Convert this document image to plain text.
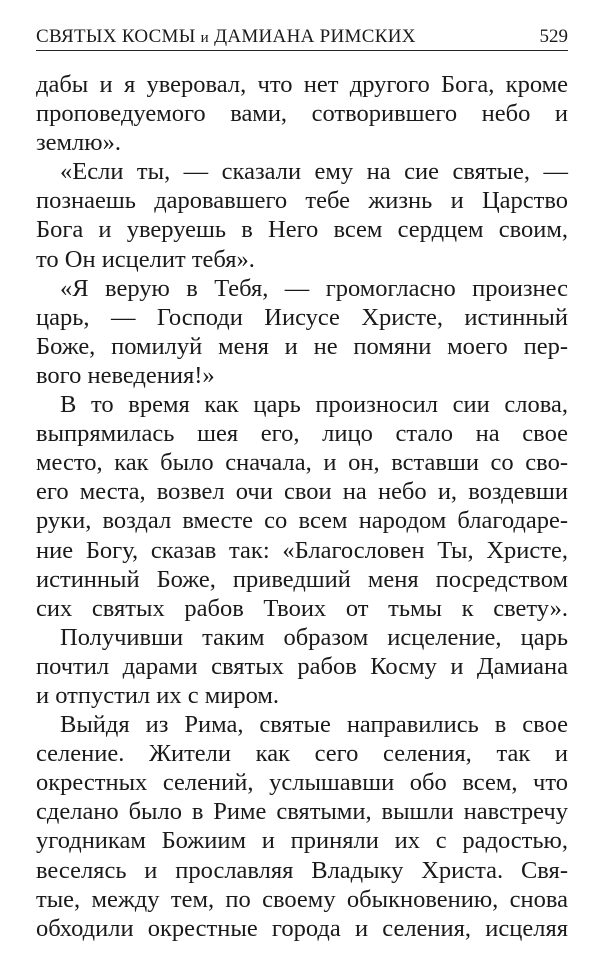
СВЯТЫХ КОСМЫ и ДАМИАНА РИМСКИХ	529
дабы и я уверовал, что нет другого Бога, кроме
проповедуемого вами, сотворившего небо и
землю».
«Если ты, — сказали ему на сие святые, —
познаешь даровавшего тебе жизнь и Царство
Бога и уверуешь в Него всем сердцем своим,
то Он исцелит тебя».
«Я верую в Тебя, — громогласно произнес
царь, — Господи Иисусе Христе, истинный
Боже, помилуй меня и не помяни моего пер-
вого неведения!»
В то время как царь произносил сии слова,
выпрямилась шея его, лицо стало на свое
место, как было сначала, и он, вставши со сво-
его места, возвел очи свои на небо и, воздевши
руки, воздал вместе со всем народом благодаре-
ние Богу, сказав так: «Благословен Ты, Христе,
истинный Боже, приведший меня посредством
сих святых рабов Твоих от тьмы к свету».
Получивши таким образом исцеление, царь
почтил дарами святых рабов Косму и Дамиана
и отпустил их с миром.
Выйдя из Рима, святые направились в свое
селение. Жители как сего селения, так и
окрестных селений, услышавши обо всем, что
сделано было в Риме святыми, вышли навстречу
угодникам Божиим и приняли их с радостью,
веселясь и прославляя Владыку Христа. Свя-
тые, между тем, по своему обыкновению, снова
обходили окрестные города и селения, исцеляя
